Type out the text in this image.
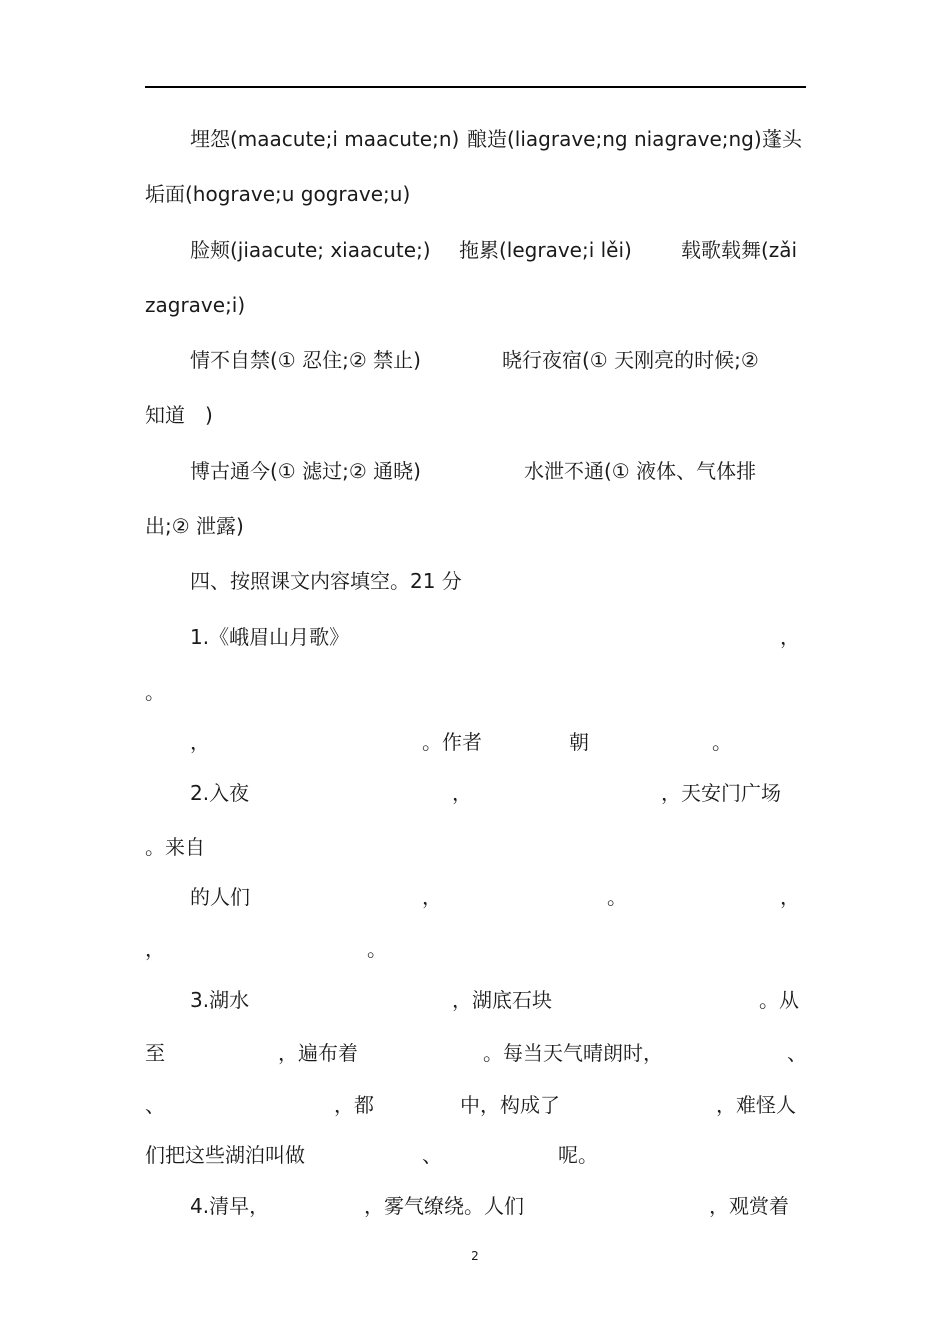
埋怨(maacute;i maacute;n) 酿造(liagrave;ng niagrave;ng) 蓬头
垢面(hograve;u gograve;u)
脸颊(jiaacute; xiaacute;) 拖累(legrave;i lěi) 载歌载舞(zǎi
zagrave;i)
情不自禁(① 忍住;② 禁止)	晓行夜宿(① 天刚亮的时候;②
知道　)
博古通今(① 滤过;② 通晓)	水泄不通(① 液体、气体排
出;② 泄露)
四、按照课文内容填空。21 分
1.《峨眉山月歌》	，
。
，	。作者	朝	。
2.入夜	，	，天安门广场
。来自
的人们	，	。	，
，	。
3.湖水	，湖底石块	。从
至	，遍布着	。每当天气晴朗时，	、
、	，都	中，构成了	，难怪人
们把这些湖泊叫做	、	呢。
4.清早，	，雾气缭绕。人们	，观赏着
2
